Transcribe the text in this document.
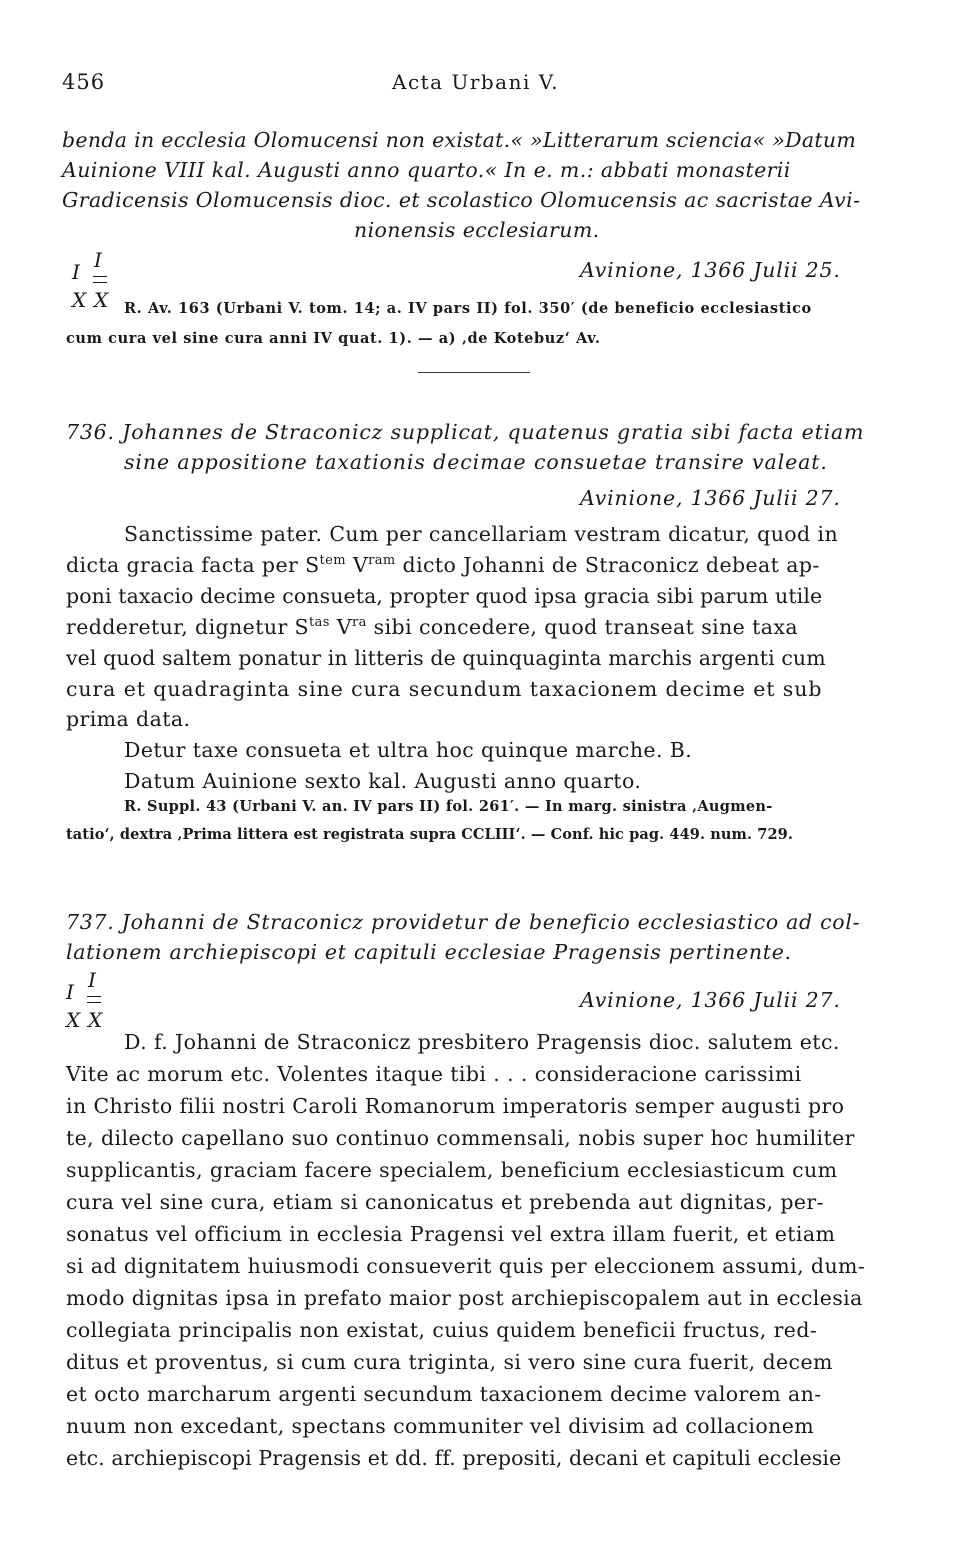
456	Acta Urbani V.
benda in ecclesia Olomucensi non existat.« »Litterarum sciencia« »Datum
Auinione VIII kal. Augusti anno quarto.« In e. m.: abbati monasterii
Gradicensis Olomucensis dioc. et scolastico Olomucensis ac sacristae Avi-
nionensis ecclesiarum.
I I
X X
Avinione, 1366 Julii 25.
R. Av. 163 (Urbani V. tom. 14; a. IV pars II) fol. 350′ (de beneficio ecclesiastico
cum cura vel sine cura anni IV quat. 1). — a) ‚de Kotebuz‘ Av.
736. Johannes de Straconicz supplicat, quatenus gratia sibi facta etiam
sine appositione taxationis decimae consuetae transire valeat.
Avinione, 1366 Julii 27.
Sanctissime pater. Cum per cancellariam vestram dicatur, quod in
dicta gracia facta per $S^{tem}$ $V^{ram}$ dicto Johanni de Straconicz debeat ap-
poni taxacio decime consueta, propter quod ipsa gracia sibi parum utile
redderetur, dignetur $S^{tas}$ $V^{ra}$ sibi concedere, quod transeat sine taxa
vel quod saltem ponatur in litteris de quinquaginta marchis argenti cum
cura et quadraginta sine cura secundum taxacionem decime et sub
prima data.
Detur taxe consueta et ultra hoc quinque marche. B.
Datum Auinione sexto kal. Augusti anno quarto.
R. Suppl. 43 (Urbani V. an. IV pars II) fol. 261′. — In marg. sinistra ‚Augmen-
tatio‘, dextra ‚Prima littera est registrata supra CCLIII‘. — Conf. hic pag. 449. num. 729.
737. Johanni de Straconicz providetur de beneficio ecclesiastico ad col-
lationem archiepiscopi et capituli ecclesiae Pragensis pertinente.
I I
X X
Avinione, 1366 Julii 27.
D. f. Johanni de Straconicz presbitero Pragensis dioc. salutem etc.
Vite ac morum etc. Volentes itaque tibi . . . consideracione carissimi
in Christo filii nostri Caroli Romanorum imperatoris semper augusti pro
te, dilecto capellano suo continuo commensali, nobis super hoc humiliter
supplicantis, graciam facere specialem, beneficium ecclesiasticum cum
cura vel sine cura, etiam si canonicatus et prebenda aut dignitas, per-
sonatus vel officium in ecclesia Pragensi vel extra illam fuerit, et etiam
si ad dignitatem huiusmodi consueverit quis per eleccionem assumi, dum-
modo dignitas ipsa in prefato maior post archiepiscopalem aut in ecclesia
collegiata principalis non existat, cuius quidem beneficii fructus, red-
ditus et proventus, si cum cura triginta, si vero sine cura fuerit, decem
et octo marcharum argenti secundum taxacionem decime valorem an-
nuum non excedant, spectans communiter vel divisim ad collacionem
etc. archiepiscopi Pragensis et dd. ff. prepositi, decani et capituli ecclesie
